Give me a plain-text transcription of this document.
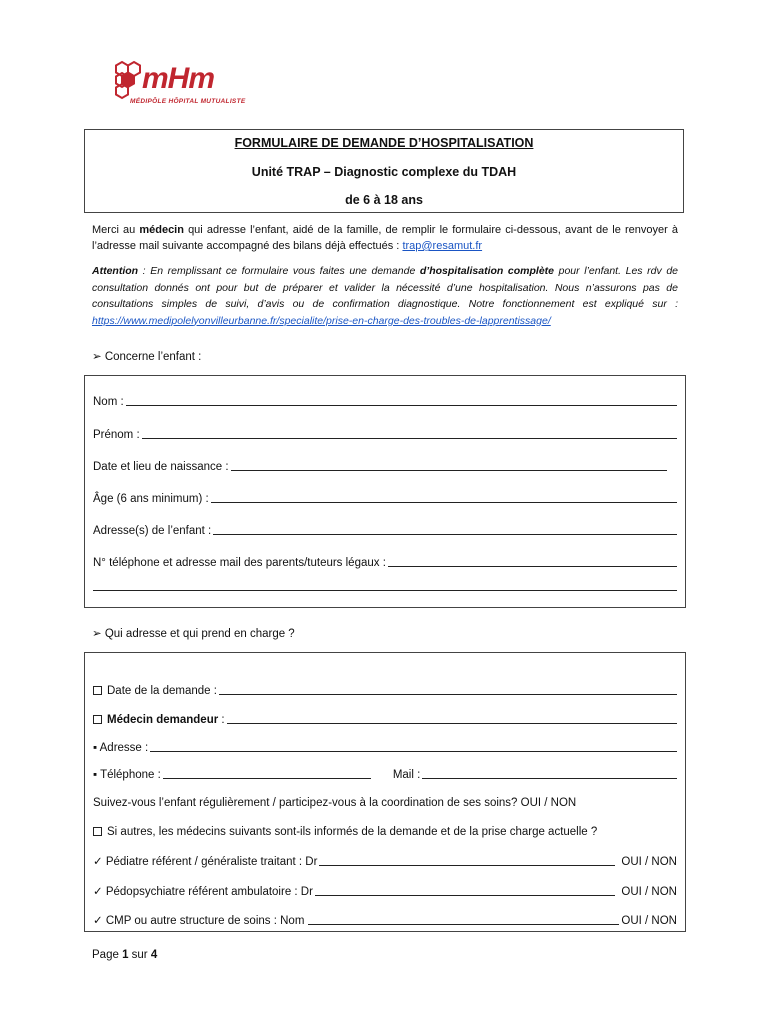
mHm
MÉDIPÔLE HÔPITAL MUTUALISTE
FORMULAIRE DE DEMANDE D’HOSPITALISATION
Unité TRAP – Diagnostic complexe du TDAH
de 6 à 18 ans
Merci au médecin qui adresse l’enfant, aidé de la famille, de remplir le formulaire ci-dessous, avant de le renvoyer à l’adresse mail suivante accompagné des bilans déjà effectués : trap@resamut.fr
Attention : En remplissant ce formulaire vous faites une demande d’hospitalisation complète pour l’enfant. Les rdv de consultation donnés ont pour but de préparer et valider la nécessité d’une hospitalisation. Nous n’assurons pas de consultations simples de suivi, d’avis ou de confirmation diagnostique. Notre fonctionnement est expliqué sur : https://www.medipolelyonvilleurbanne.fr/specialite/prise-en-charge-des-troubles-de-lapprentissage/
➢ Concerne l’enfant :
Nom :
Prénom :
Date et lieu de naissance :
Âge (6 ans minimum) :
Adresse(s) de l’enfant :
N° téléphone et adresse mail des parents/tuteurs légaux :
➢ Qui adresse et qui prend en charge ?
Date de la demande :
Médecin demandeur :
▪ Adresse :
▪ Téléphone :	Mail :
Suivez-vous l’enfant régulièrement / participez-vous à la coordination de ses soins? OUI / NON
Si autres, les médecins suivants sont-ils informés de la demande et de la prise charge actuelle ?
✓ Pédiatre référent / généraliste traitant : Dr	OUI / NON
✓ Pédopsychiatre référent ambulatoire : Dr	OUI / NON
✓ CMP ou autre structure de soins : Nom	OUI / NON
Page 1 sur 4
